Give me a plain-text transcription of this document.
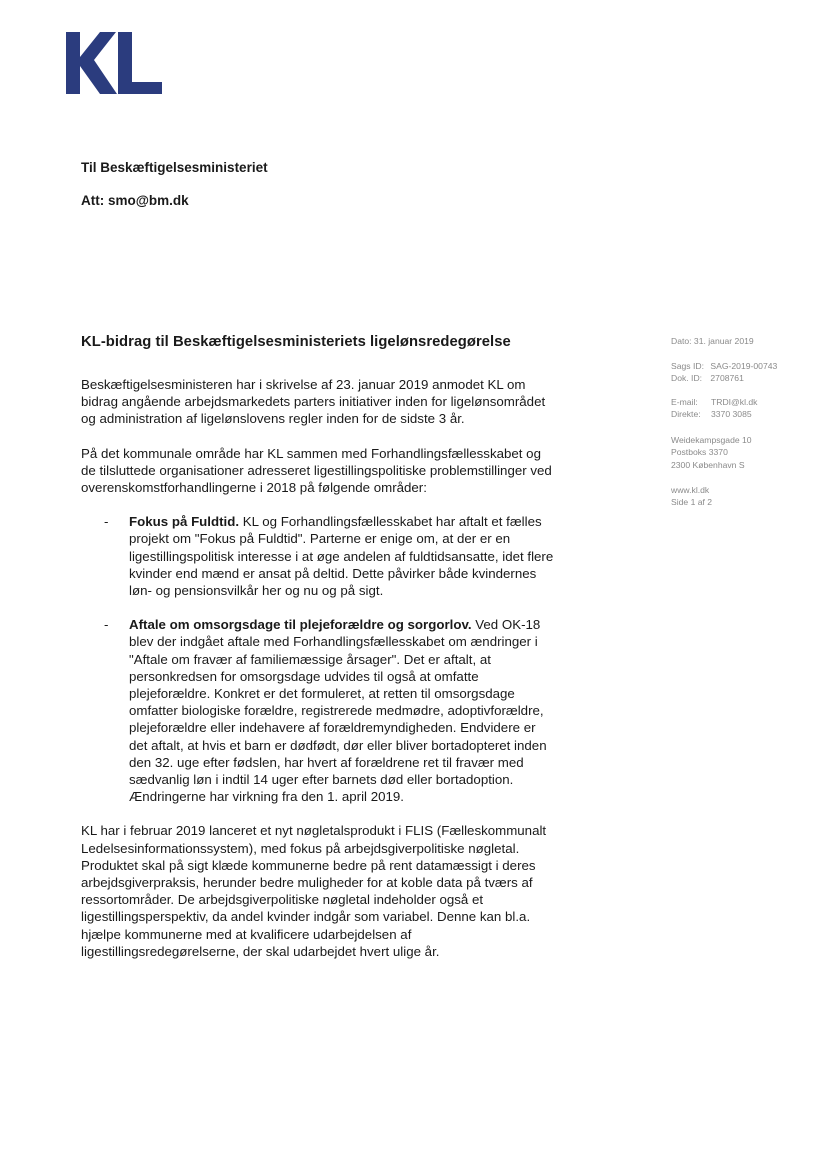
Til Beskæftigelsesministeriet

Att: smo@bm.dk

KL-bidrag til Beskæftigelsesministeriets ligelønsredegørelse	Dato: 31. januar 2019
Sags ID: SAG-2019-00743
Dok. ID: 2708761
E-mail: TRDI@kl.dk
Direkte: 3370 3085
Weidekampsgade 10
Postboks 3370
2300 København S
www.kl.dk
Side 1 af 2

Beskæftigelsesministeren har i skrivelse af 23. januar 2019 anmodet KL om bidrag angående arbejdsmarkedets parters initiativer inden for ligelønsområdet og administration af ligelønslovens regler inden for de sidste 3 år.

På det kommunale område har KL sammen med Forhandlingsfællesskabet og de tilsluttede organisationer adresseret ligestillingspolitiske problemstillinger ved overenskomstforhandlingerne i 2018 på følgende områder:

- Fokus på Fuldtid. KL og Forhandlingsfællesskabet har aftalt et fælles projekt om "Fokus på Fuldtid". Parterne er enige om, at der er en ligestillingspolitisk interesse i at øge andelen af fuldtidsansatte, idet flere kvinder end mænd er ansat på deltid. Dette påvirker både kvindernes løn- og pensionsvilkår her og nu og på sigt.
- Aftale om omsorgsdage til plejeforældre og sorgorlov. Ved OK-18 blev der indgået aftale med Forhandlingsfællesskabet om ændringer i "Aftale om fravær af familiemæssige årsager". Det er aftalt, at personkredsen for omsorgsdage udvides til også at omfatte plejeforældre. Konkret er det formuleret, at retten til omsorgsdage omfatter biologiske forældre, registrerede medmødre, adoptivforældre, plejeforældre eller indehavere af forældremyndigheden. Endvidere er det aftalt, at hvis et barn er dødfødt, dør eller bliver bortadopteret inden den 32. uge efter fødslen, har hvert af forældrene ret til fravær med sædvanlig løn i indtil 14 uger efter barnets død eller bortadoption. Ændringerne har virkning fra den 1. april 2019.

KL har i februar 2019 lanceret et nyt nøgletalsprodukt i FLIS (Fælleskommunalt Ledelsesinformationssystem), med fokus på arbejdsgiverpolitiske nøgletal. Produktet skal på sigt klæde kommunerne bedre på rent datamæssigt i deres arbejdsgiverpraksis, herunder bedre muligheder for at koble data på tværs af ressortområder. De arbejdsgiverpolitiske nøgletal indeholder også et ligestillingsperspektiv, da andel kvinder indgår som variabel. Denne kan bl.a. hjælpe kommunerne med at kvalificere udarbejdelsen af ligestillingsredegørelserne, der skal udarbejdet hvert ulige år.
